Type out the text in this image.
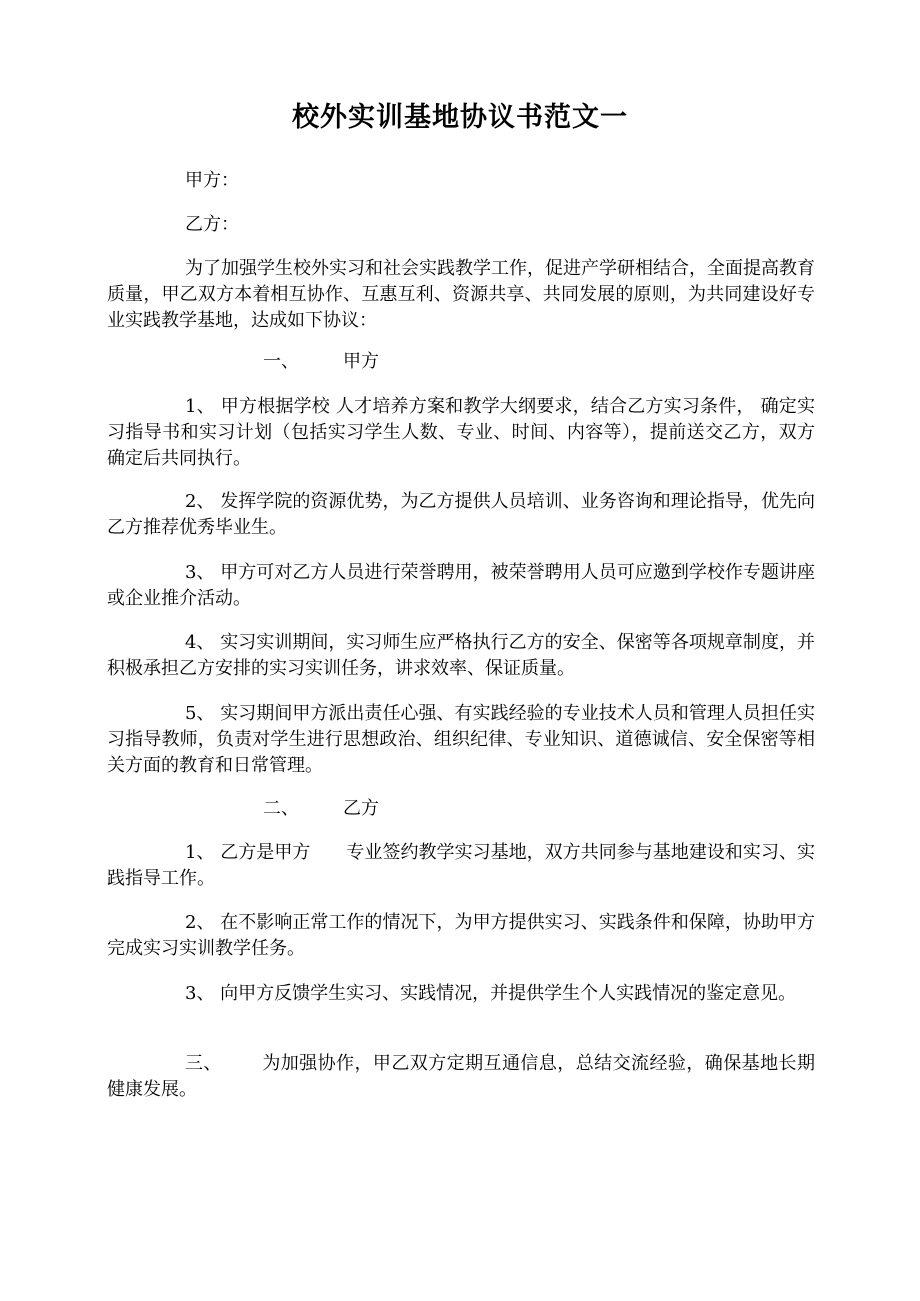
校外实训基地协议书范文一

甲方：

乙方：

为了加强学生校外实习和社会实践教学工作，促进产学研相结合，全面提高教育质量，甲乙双方本着相互协作、互惠互利、资源共享、共同发展的原则，为共同建设好专业实践教学基地，达成如下协议：

一、 甲方

1、 甲方根据学校 人才培养方案和教学大纲要求，结合乙方实习条件， 确定实习指导书和实习计划（包括实习学生人数、专业、时间、内容等），提前送交乙方，双方确定后共同执行。

2、 发挥学院的资源优势，为乙方提供人员培训、业务咨询和理论指导，优先向乙方推荐优秀毕业生。

3、 甲方可对乙方人员进行荣誉聘用，被荣誉聘用人员可应邀到学校作专题讲座或企业推介活动。

4、 实习实训期间，实习师生应严格执行乙方的安全、保密等各项规章制度，并积极承担乙方安排的实习实训任务，讲求效率、保证质量。

5、 实习期间甲方派出责任心强、有实践经验的专业技术人员和管理人员担任实习指导教师，负责对学生进行思想政治、组织纪律、专业知识、道德诚信、安全保密等相关方面的教育和日常管理。

二、 乙方

1、 乙方是甲方 专业签约教学实习基地，双方共同参与基地建设和实习、实践指导工作。

2、 在不影响正常工作的情况下，为甲方提供实习、实践条件和保障，协助甲方完成实习实训教学任务。

3、 向甲方反馈学生实习、实践情况，并提供学生个人实践情况的鉴定意见。

三、 为加强协作，甲乙双方定期互通信息，总结交流经验，确保基地长期 健康发展。
